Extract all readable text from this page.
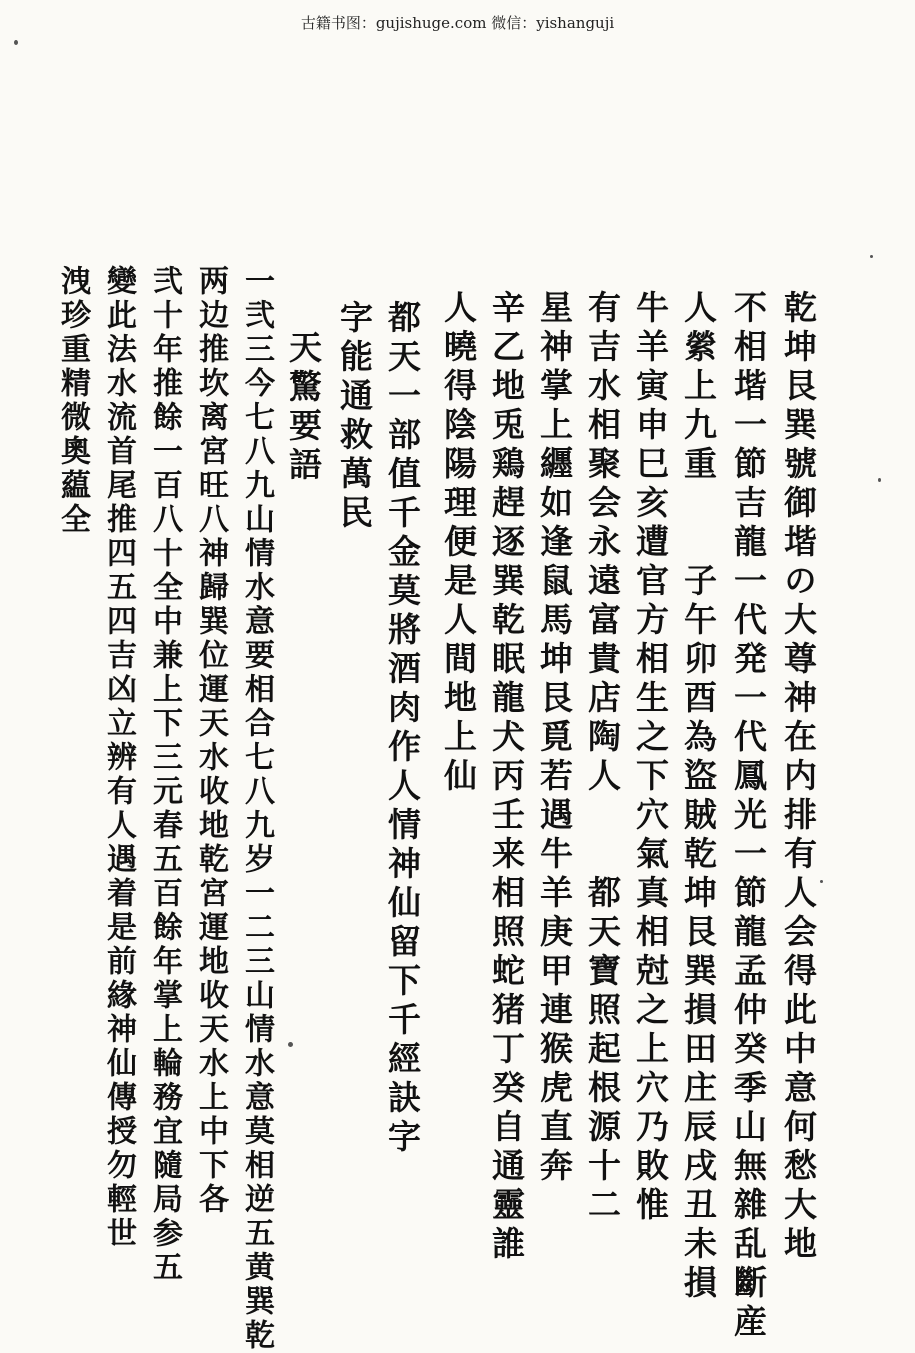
古籍书图：gujishuge.com 微信：yishanguji
乾坤艮巽號御堦の大尊神在内排有人会得此中意何愁大地
不相堦一節吉龍一代発一代鳳光一節龍孟仲癸季山無雜乱斷産
人縈上九重　　子午卯酉為盜賊乾坤艮巽損田庄辰戌丑未損
牛羊寅申巳亥遭官方相生之下穴氣真相尅之上穴乃敗惟
有吉水相聚会永遠富貴店陶人　　都天寶照起根源十二
星神掌上纒如逢鼠馬坤艮覓若遇牛羊庚甲連猴虎直奔
辛乙地兎鶏趕逐巽乾眠龍犬丙壬来相照蛇猪丁癸自通靈誰
人曉得陰陽理便是人間地上仙
都天一部值千金莫將酒肉作人情神仙留下千經訣字
字能通救萬民
天驚要語
一弐三今七八九山情水意要相合七八九岁一二三山情水意莫相逆五黄巽乾
两边推坎离宮旺八神歸巽位運天水收地乾宮運地收天水上中下各
弐十年推餘一百八十全中兼上下三元春五百餘年掌上輪務宜隨局参五
變此法水流首尾推四五四吉凶立辨有人遇着是前緣神仙傳授勿輕世
洩珍重精微奧藴全
